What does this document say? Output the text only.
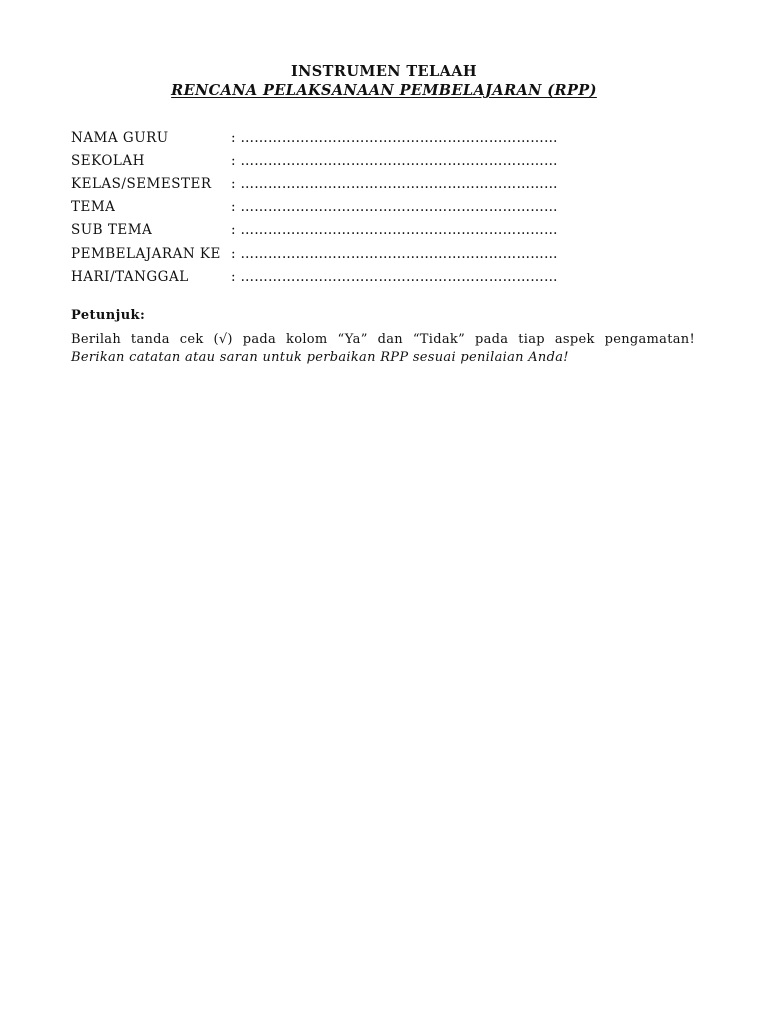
INSTRUMEN TELAAH
RENCANA PELAKSANAAN PEMBELAJARAN (RPP)
NAMA GURU	: ……………………………………………………………
SEKOLAH	: ……………………………………………………………
KELAS/SEMESTER	: ……………………………………………………………
TEMA	: ……………………………………………………………
SUB TEMA	: ……………………………………………………………
PEMBELAJARAN KE : ……………………………………………………………
HARI/TANGGAL	: ……………………………………………………………
Petunjuk:
Berilah tanda cek (√) pada kolom “Ya” dan “Tidak” pada tiap aspek pengamatan!
Berikan catatan atau saran untuk perbaikan RPP sesuai penilaian Anda!
